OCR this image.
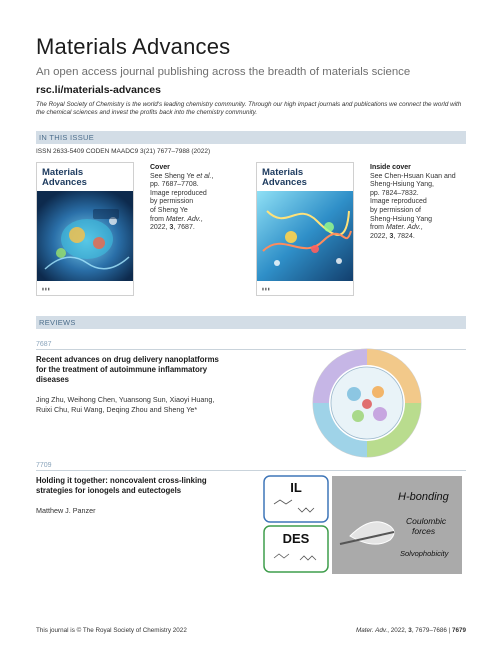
Materials Advances
An open access journal publishing across the breadth of materials science
rsc.li/materials-advances
The Royal Society of Chemistry is the world's leading chemistry community. Through our high impact journals and publications we connect the world with the chemical sciences and invest the profits back into the chemistry community.
IN THIS ISSUE
ISSN 2633-5409 CODEN MAADC9 3(21) 7677–7988 (2022)
Materials
Advances
▮ ▮ ▮
Cover
See Sheng Ye et al.,
pp. 7687–7708.
Image reproduced
by permission
of Sheng Ye
from Mater. Adv.,
2022, 3, 7687.
Materials
Advances
▮ ▮ ▮
Inside cover
See Chen-Hsuan Kuan and
Sheng-Hsiung Yang,
pp. 7824–7832.
Image reproduced
by permission of
Sheng-Hsiung Yang
from Mater. Adv.,
2022, 3, 7824.
REVIEWS
7687
Recent advances on drug delivery nanoplatforms
for the treatment of autoimmune inflammatory
diseases
Jing Zhu, Weihong Chen, Yuansong Sun, Xiaoyi Huang,
Ruixi Chu, Rui Wang, Deqing Zhou and Sheng Ye*
7709
Holding it together: noncovalent cross-linking
strategies for ionogels and eutectogels
Matthew J. Panzer
IL
DES
H-bonding
Coulombic
forces
Solvophobicity
This journal is © The Royal Society of Chemistry 2022	Mater. Adv., 2022, 3, 7679–7686 | 7679
